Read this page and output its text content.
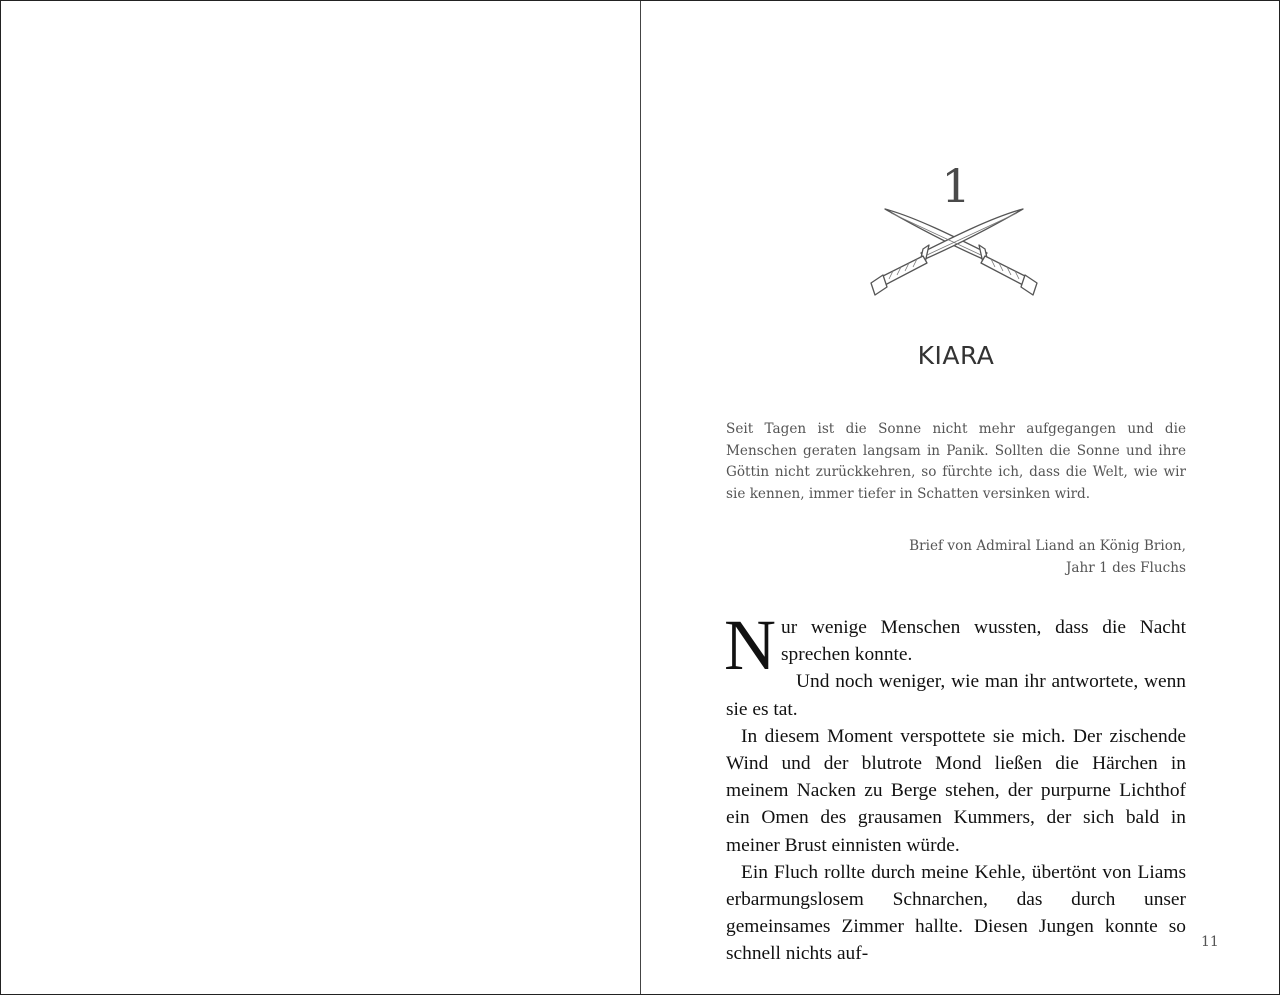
1
KIARA

Seit Tagen ist die Sonne nicht mehr aufgegangen und die Menschen geraten langsam in Panik. Sollten die Sonne und ihre Göttin nicht zurückkehren, so fürchte ich, dass die Welt, wie wir sie kennen, immer tiefer in Schatten versinken wird.

Brief von Admiral Liand an König Brion,
Jahr 1 des Fluchs

Nur wenige Menschen wussten, dass die Nacht sprechen konnte.

Und noch weniger, wie man ihr antwortete, wenn sie es tat.

In diesem Moment verspottete sie mich. Der zischende Wind und der blutrote Mond ließen die Härchen in meinem Nacken zu Berge stehen, der purpurne Lichthof ein Omen des grausamen Kummers, der sich bald in meiner Brust einnisten würde.

Ein Fluch rollte durch meine Kehle, übertönt von Liams erbarmungslosem Schnarchen, das durch unser gemeinsames Zimmer hallte. Diesen Jungen konnte so schnell nichts auf-

11
